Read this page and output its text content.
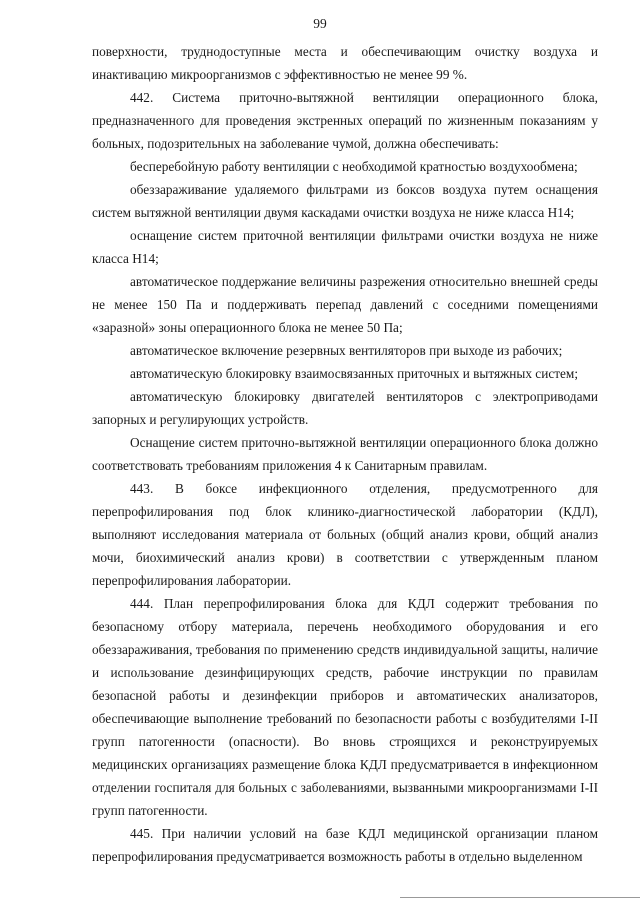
99

поверхности, труднодоступные места и обеспечивающим очистку воздуха и инактивацию микроорганизмов с эффективностью не менее 99 %.

442. Система приточно-вытяжной вентиляции операционного блока, предназначенного для проведения экстренных операций по жизненным показаниям у больных, подозрительных на заболевание чумой, должна обеспечивать:

бесперебойную работу вентиляции с необходимой кратностью воздухообмена;

обеззараживание удаляемого фильтрами из боксов воздуха путем оснащения систем вытяжной вентиляции двумя каскадами очистки воздуха не ниже класса Н14;

оснащение систем приточной вентиляции фильтрами очистки воздуха не ниже класса Н14;

автоматическое поддержание величины разрежения относительно внешней среды не менее 150 Па и поддерживать перепад давлений с соседними помещениями «заразной» зоны операционного блока не менее 50 Па;

автоматическое включение резервных вентиляторов при выходе из рабочих;

автоматическую блокировку взаимосвязанных приточных и вытяжных систем;

автоматическую блокировку двигателей вентиляторов с электроприводами запорных и регулирующих устройств.

Оснащение систем приточно-вытяжной вентиляции операционного блока должно соответствовать требованиям приложения 4 к Санитарным правилам.

443. В боксе инфекционного отделения, предусмотренного для перепрофилирования под блок клинико-диагностической лаборатории (КДЛ), выполняют исследования материала от больных (общий анализ крови, общий анализ мочи, биохимический анализ крови) в соответствии с утвержденным планом перепрофилирования лаборатории.

444. План перепрофилирования блока для КДЛ содержит требования по безопасному отбору материала, перечень необходимого оборудования и его обеззараживания, требования по применению средств индивидуальной защиты, наличие и использование дезинфицирующих средств, рабочие инструкции по правилам безопасной работы и дезинфекции приборов и автоматических анализаторов, обеспечивающие выполнение требований по безопасности работы с возбудителями I-II групп патогенности (опасности). Во вновь строящихся и реконструируемых медицинских организациях размещение блока КДЛ предусматривается в инфекционном отделении госпиталя для больных с заболеваниями, вызванными микроорганизмами I-II групп патогенности.

445. При наличии условий на базе КДЛ медицинской организации планом перепрофилирования предусматривается возможность работы в отдельно выделенном
